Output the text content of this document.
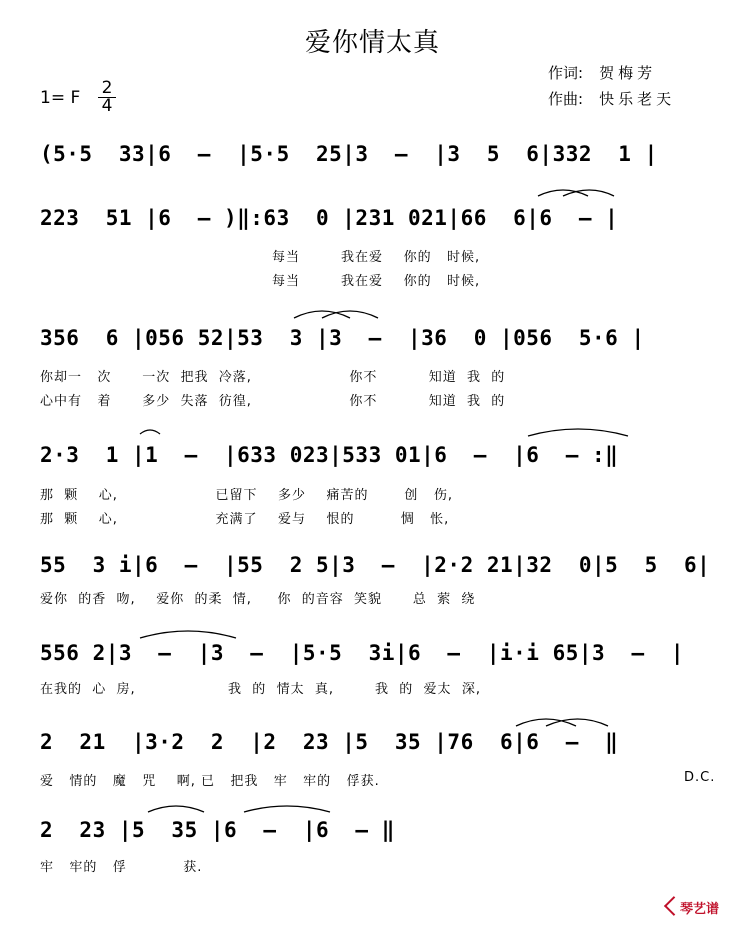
爱你情太真
作词: 贺梅芳
作曲: 快乐老天
1= F $\frac{2}{4}$
(5·5  33|6  –  |5·5  25|3  –  |3  5  6|332  1 |
223  51 |6  – )‖:63  0 |231 021|66  6|6  – |
每当        我在爱    你的   时候,
每当        我在爱    你的   时候,
356  6 |056 52|53  3 |3  –  |36  0 |056  5·6 |
你却一   次      一次  把我  冷落,                   你不          知道  我  的
心中有   着      多少  失落  彷徨,                   你不          知道  我  的
2·3  1 |1  –  |633 023|533 01|6  –  |6  – :‖
那  颗    心,                   已留下    多少    痛苦的       创   伤,
那  颗    心,                   充满了    爱与    恨的         惆   怅,
55  3 i|6  –  |55  2 5|3  –  |2·2 21|32  0|5  5  6|
爱你  的香  吻,    爱你  的柔  情,     你  的音容  笑貌      总  萦  绕
556 2|3  –  |3  –  |5·5  3i|6  –  |i·i 65|3  –  |
在我的  心  房,                  我  的  情太  真,        我  的  爱太  深,
2  21  |3·2  2  |2  23 |5  35 |76  6|6  –  ‖
爱   情的   魔   咒    啊, 已   把我   牢   牢的   俘获.	D.C.
2  23 |5  35 |6  –  |6  – ‖
牢   牢的   俘           获.
琴艺谱
